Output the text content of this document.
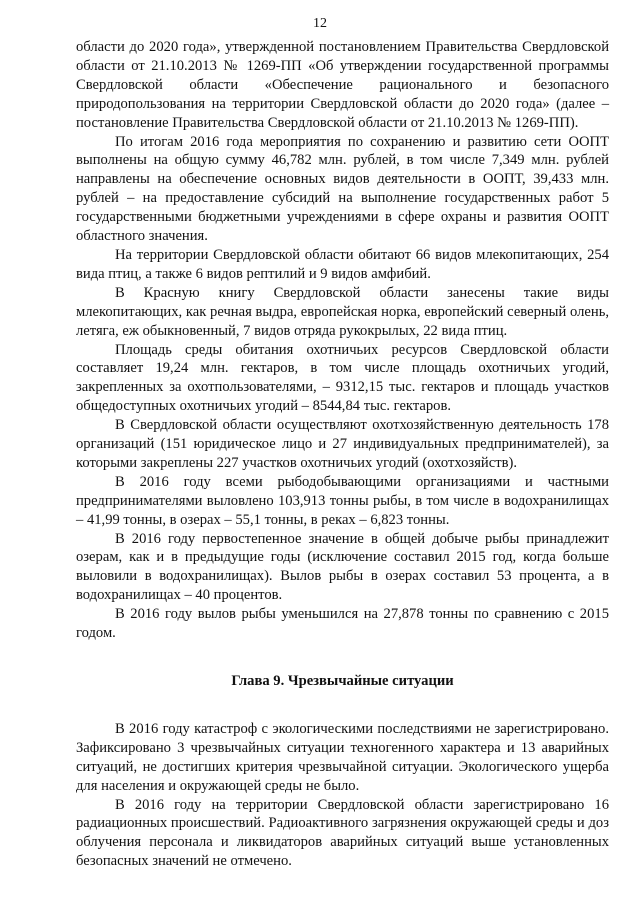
12

области до 2020 года», утвержденной постановлением Правительства Свердловской области от 21.10.2013 № 1269-ПП «Об утверждении государственной программы Свердловской области «Обеспечение рационального и безопасного природопользования на территории Свердловской области до 2020 года» (далее – постановление Правительства Свердловской области от 21.10.2013 № 1269-ПП).

По итогам 2016 года мероприятия по сохранению и развитию сети ООПТ выполнены на общую сумму 46,782 млн. рублей, в том числе 7,349 млн. рублей направлены на обеспечение основных видов деятельности в ООПТ, 39,433 млн. рублей – на предоставление субсидий на выполнение государственных работ 5 государственными бюджетными учреждениями в сфере охраны и развития ООПТ областного значения.

На территории Свердловской области обитают 66 видов млекопитающих, 254 вида птиц, а также 6 видов рептилий и 9 видов амфибий.

В Красную книгу Свердловской области занесены такие виды млекопитающих, как речная выдра, европейская норка, европейский северный олень, летяга, еж обыкновенный, 7 видов отряда рукокрылых, 22 вида птиц.

Площадь среды обитания охотничьих ресурсов Свердловской области составляет 19,24 млн. гектаров, в том числе площадь охотничьих угодий, закрепленных за охотпользователями, – 9312,15 тыс. гектаров и площадь участков общедоступных охотничьих угодий – 8544,84 тыс. гектаров.

В Свердловской области осуществляют охотхозяйственную деятельность 178 организаций (151 юридическое лицо и 27 индивидуальных предпринимателей), за которыми закреплены 227 участков охотничьих угодий (охотхозяйств).

В 2016 году всеми рыбодобывающими организациями и частными предпринимателями выловлено 103,913 тонны рыбы, в том числе в водохранилищах – 41,99 тонны, в озерах – 55,1 тонны, в реках – 6,823 тонны.

В 2016 году первостепенное значение в общей добыче рыбы принадлежит озерам, как и в предыдущие годы (исключение составил 2015 год, когда больше выловили в водохранилищах). Вылов рыбы в озерах составил 53 процента, а в водохранилищах – 40 процентов.

В 2016 году вылов рыбы уменьшился на 27,878 тонны по сравнению с 2015 годом.

Глава 9. Чрезвычайные ситуации

В 2016 году катастроф с экологическими последствиями не зарегистрировано. Зафиксировано 3 чрезвычайных ситуации техногенного характера и 13 аварийных ситуаций, не достигших критерия чрезвычайной ситуации. Экологического ущерба для населения и окружающей среды не было.

В 2016 году на территории Свердловской области зарегистрировано 16 радиационных происшествий. Радиоактивного загрязнения окружающей среды и доз облучения персонала и ликвидаторов аварийных ситуаций выше установленных безопасных значений не отмечено.
